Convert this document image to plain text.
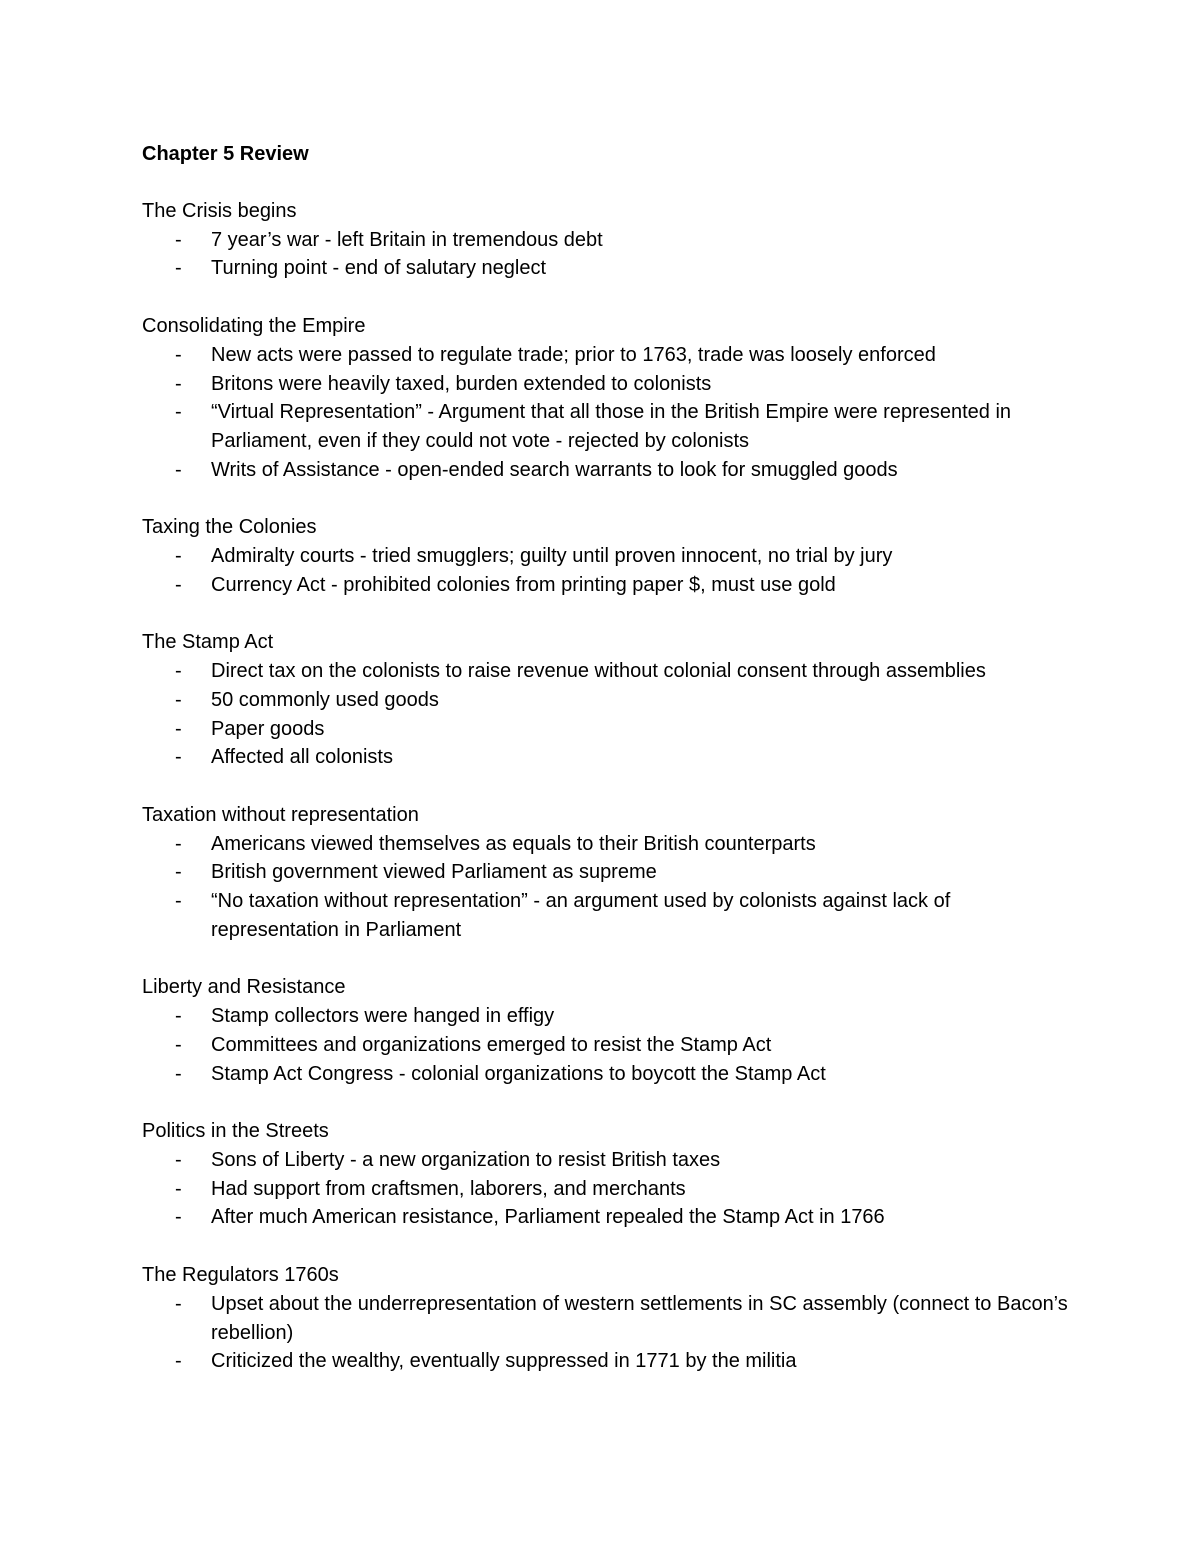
Chapter 5 Review
The Crisis begins
- 7 year’s war - left Britain in tremendous debt
- Turning point - end of salutary neglect
Consolidating the Empire
- New acts were passed to regulate trade; prior to 1763, trade was loosely enforced
- Britons were heavily taxed, burden extended to colonists
- “Virtual Representation” - Argument that all those in the British Empire were represented in Parliament, even if they could not vote - rejected by colonists
- Writs of Assistance - open-ended search warrants to look for smuggled goods
Taxing the Colonies
- Admiralty courts - tried smugglers; guilty until proven innocent, no trial by jury
- Currency Act - prohibited colonies from printing paper $, must use gold
The Stamp Act
- Direct tax on the colonists to raise revenue without colonial consent through assemblies
- 50 commonly used goods
- Paper goods
- Affected all colonists
Taxation without representation
- Americans viewed themselves as equals to their British counterparts
- British government viewed Parliament as supreme
- “No taxation without representation” - an argument used by colonists against lack of representation in Parliament
Liberty and Resistance
- Stamp collectors were hanged in effigy
- Committees and organizations emerged to resist the Stamp Act
- Stamp Act Congress - colonial organizations to boycott the Stamp Act
Politics in the Streets
- Sons of Liberty - a new organization to resist British taxes
- Had support from craftsmen, laborers, and merchants
- After much American resistance, Parliament repealed the Stamp Act in 1766
The Regulators 1760s
- Upset about the underrepresentation of western settlements in SC assembly (connect to Bacon’s rebellion)
- Criticized the wealthy, eventually suppressed in 1771 by the militia
